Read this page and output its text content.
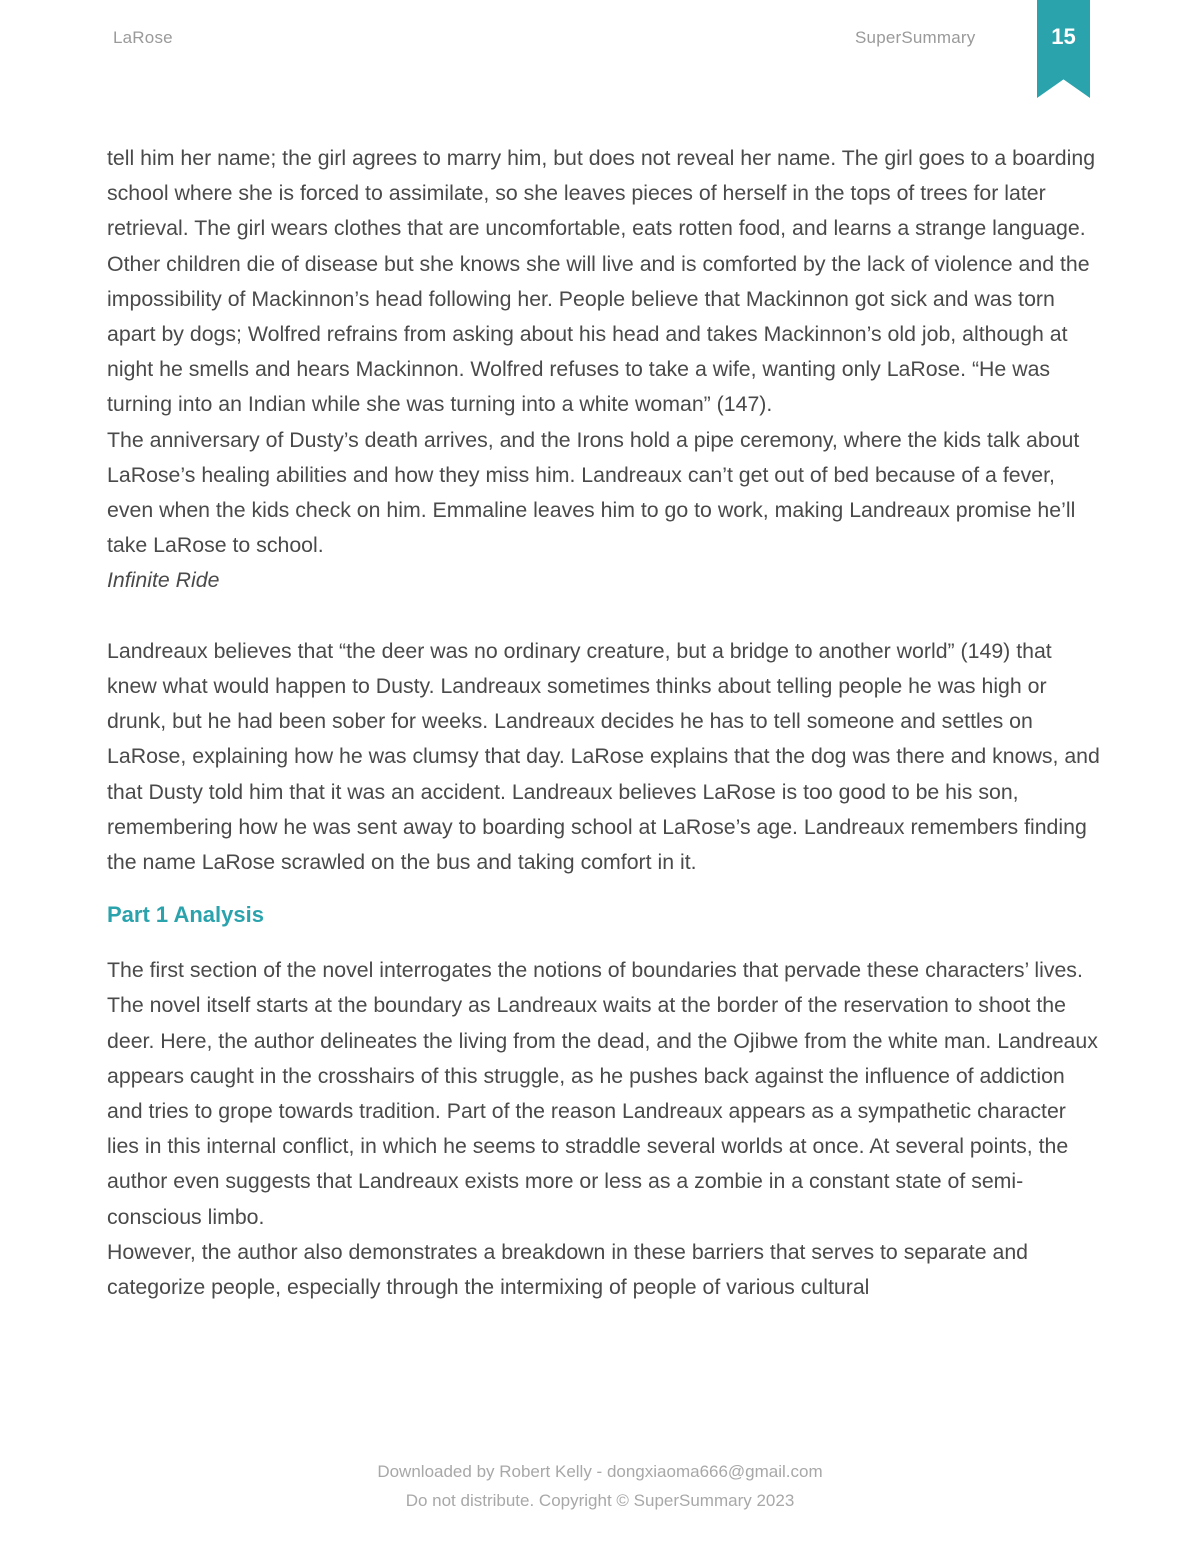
LaRose	SuperSummary	15

tell him her name; the girl agrees to marry him, but does not reveal her name. The girl goes to a boarding school where she is forced to assimilate, so she leaves pieces of herself in the tops of trees for later retrieval. The girl wears clothes that are uncomfortable, eats rotten food, and learns a strange language. Other children die of disease but she knows she will live and is comforted by the lack of violence and the impossibility of Mackinnon’s head following her. People believe that Mackinnon got sick and was torn apart by dogs; Wolfred refrains from asking about his head and takes Mackinnon’s old job, although at night he smells and hears Mackinnon. Wolfred refuses to take a wife, wanting only LaRose. “He was turning into an Indian while she was turning into a white woman” (147).

The anniversary of Dusty’s death arrives, and the Irons hold a pipe ceremony, where the kids talk about LaRose’s healing abilities and how they miss him. Landreaux can’t get out of bed because of a fever, even when the kids check on him. Emmaline leaves him to go to work, making Landreaux promise he’ll take LaRose to school.

Infinite Ride

Landreaux believes that “the deer was no ordinary creature, but a bridge to another world” (149) that knew what would happen to Dusty. Landreaux sometimes thinks about telling people he was high or drunk, but he had been sober for weeks. Landreaux decides he has to tell someone and settles on LaRose, explaining how he was clumsy that day. LaRose explains that the dog was there and knows, and that Dusty told him that it was an accident. Landreaux believes LaRose is too good to be his son, remembering how he was sent away to boarding school at LaRose’s age. Landreaux remembers finding the name LaRose scrawled on the bus and taking comfort in it.

Part 1 Analysis

The first section of the novel interrogates the notions of boundaries that pervade these characters’ lives. The novel itself starts at the boundary as Landreaux waits at the border of the reservation to shoot the deer. Here, the author delineates the living from the dead, and the Ojibwe from the white man. Landreaux appears caught in the crosshairs of this struggle, as he pushes back against the influence of addiction and tries to grope towards tradition. Part of the reason Landreaux appears as a sympathetic character lies in this internal conflict, in which he seems to straddle several worlds at once. At several points, the author even suggests that Landreaux exists more or less as a zombie in a constant state of semi-conscious limbo.

However, the author also demonstrates a breakdown in these barriers that serves to separate and categorize people, especially through the intermixing of people of various cultural

Downloaded by Robert Kelly - dongxiaoma666@gmail.com
Do not distribute. Copyright © SuperSummary 2023
